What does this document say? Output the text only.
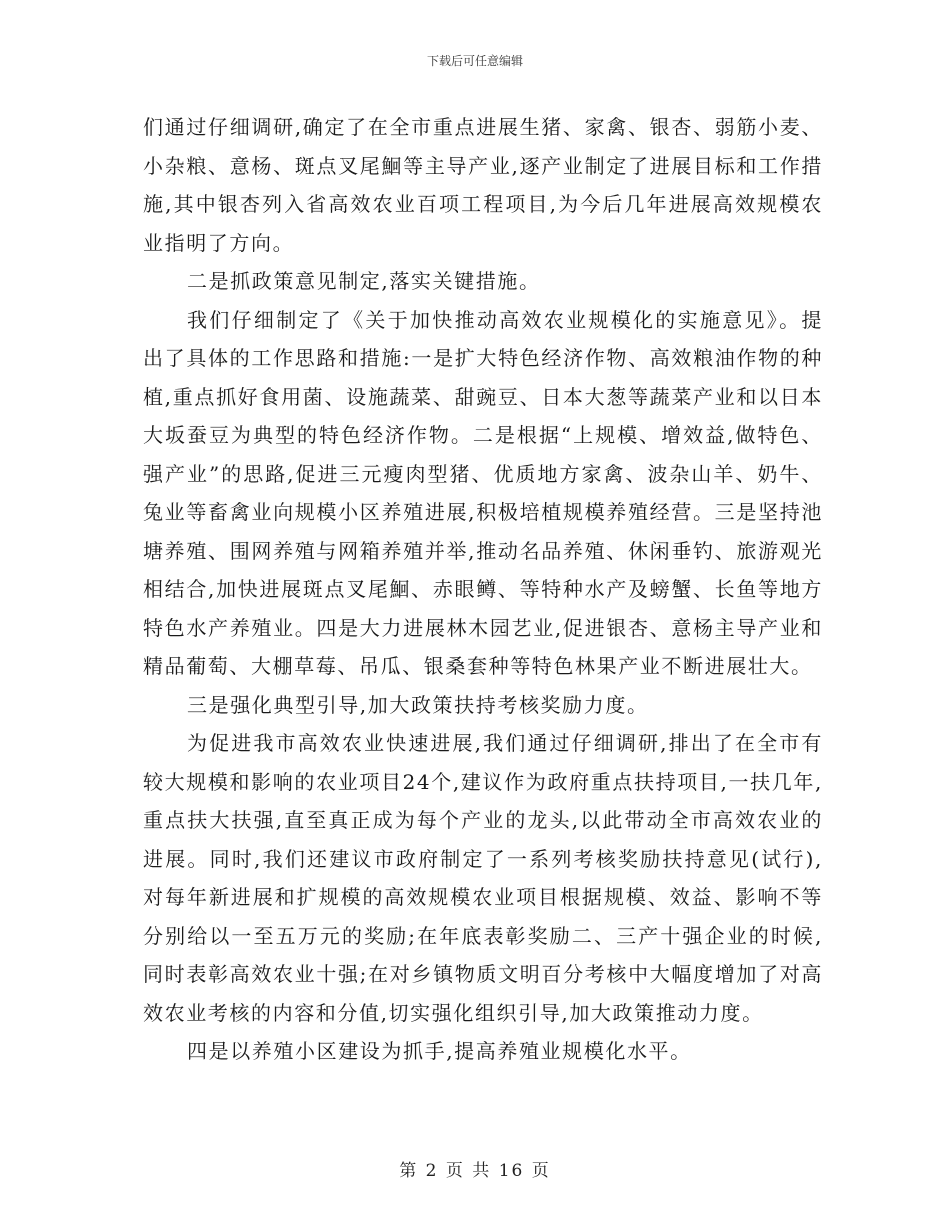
下载后可任意编辑

们通过仔细调研,确定了在全市重点进展生猪、家禽、银杏、弱筋小麦、小杂粮、意杨、斑点叉尾鮰等主导产业,逐产业制定了进展目标和工作措施,其中银杏列入省高效农业百项工程项目,为今后几年进展高效规模农业指明了方向。

二是抓政策意见制定,落实关键措施。

我们仔细制定了《关于加快推动高效农业规模化的实施意见》。提出了具体的工作思路和措施:一是扩大特色经济作物、高效粮油作物的种植,重点抓好食用菌、设施蔬菜、甜豌豆、日本大葱等蔬菜产业和以日本大坂蚕豆为典型的特色经济作物。二是根据“上规模、增效益,做特色、强产业”的思路,促进三元瘦肉型猪、优质地方家禽、波杂山羊、奶牛、兔业等畜禽业向规模小区养殖进展,积极培植规模养殖经营。三是坚持池塘养殖、围网养殖与网箱养殖并举,推动名品养殖、休闲垂钓、旅游观光相结合,加快进展斑点叉尾鮰、赤眼鳟、等特种水产及螃蟹、长鱼等地方特色水产养殖业。四是大力进展林木园艺业,促进银杏、意杨主导产业和精品葡萄、大棚草莓、吊瓜、银桑套种等特色林果产业不断进展壮大。

三是强化典型引导,加大政策扶持考核奖励力度。

为促进我市高效农业快速进展,我们通过仔细调研,排出了在全市有较大规模和影响的农业项目24个,建议作为政府重点扶持项目,一扶几年,重点扶大扶强,直至真正成为每个产业的龙头,以此带动全市高效农业的进展。同时,我们还建议市政府制定了一系列考核奖励扶持意见(试行),对每年新进展和扩规模的高效规模农业项目根据规模、效益、影响不等分别给以一至五万元的奖励;在年底表彰奖励二、三产十强企业的时候,同时表彰高效农业十强;在对乡镇物质文明百分考核中大幅度增加了对高效农业考核的内容和分值,切实强化组织引导,加大政策推动力度。

四是以养殖小区建设为抓手,提高养殖业规模化水平。

第 2 页 共 16 页
